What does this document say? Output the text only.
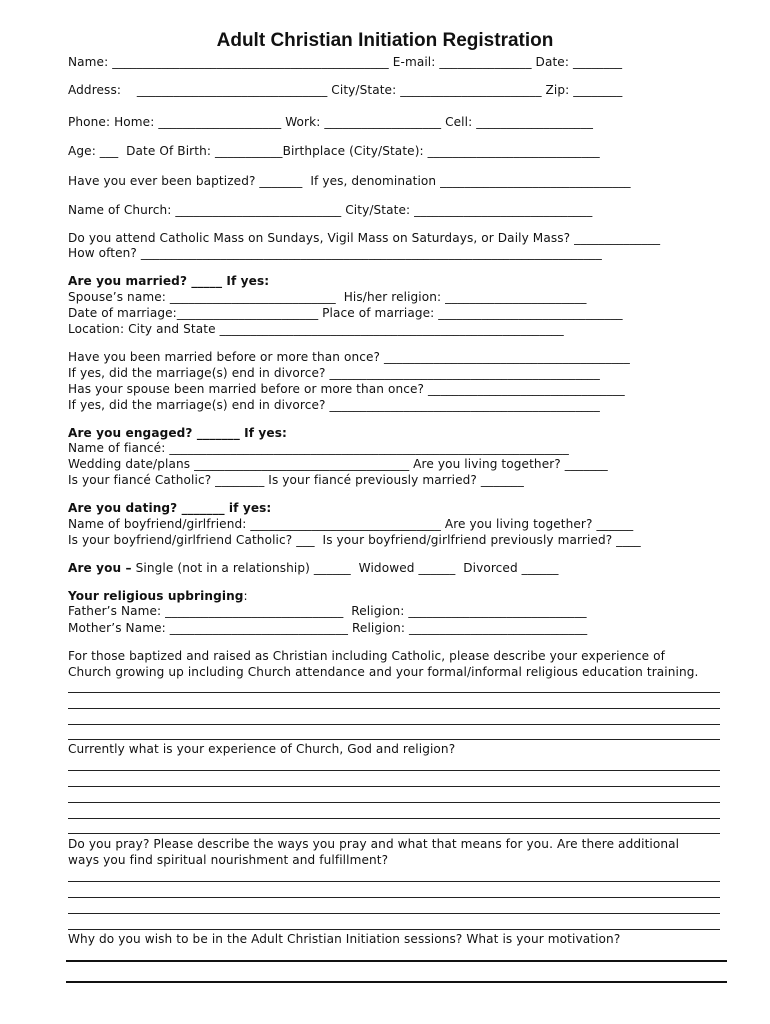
Adult Christian Initiation Registration
Name: _____________________________________________ E-mail: _______________ Date: ________
Address:    _______________________________ City/State: _______________________ Zip: ________
Phone: Home: ____________________ Work: ___________________ Cell: ___________________
Age: ___  Date Of Birth: ___________Birthplace (City/State): ____________________________
Have you ever been baptized? _______  If yes, denomination _______________________________
Name of Church: ___________________________ City/State: _____________________________
Do you attend Catholic Mass on Sundays, Vigil Mass on Saturdays, or Daily Mass? ______________
How often? ___________________________________________________________________________
Are you married? _____ If yes:
Spouse’s name: ___________________________  His/her religion: _______________________
Date of marriage:_______________________ Place of marriage: ______________________________
Location: City and State ________________________________________________________
Have you been married before or more than once? ________________________________________
If yes, did the marriage(s) end in divorce? ____________________________________________
Has your spouse been married before or more than once? ________________________________
If yes, did the marriage(s) end in divorce? ____________________________________________
Are you engaged? _______ If yes:
Name of fiancé: _________________________________________________________________
Wedding date/plans ___________________________________ Are you living together? _______
Is your fiancé Catholic? ________ Is your fiancé previously married? _______
Are you dating? _______ if yes:
Name of boyfriend/girlfriend: _______________________________ Are you living together? ______
Is your boyfriend/girlfriend Catholic? ___  Is your boyfriend/girlfriend previously married? ____
Are you – Single (not in a relationship) ______  Widowed ______  Divorced ______
Your religious upbringing:
Father’s Name: _____________________________  Religion: _____________________________
Mother’s Name: _____________________________ Religion: _____________________________
For those baptized and raised as Christian including Catholic, please describe your experience of
Church growing up including Church attendance and your formal/informal religious education training.
Currently what is your experience of Church, God and religion?
Do you pray? Please describe the ways you pray and what that means for you. Are there additional
ways you find spiritual nourishment and fulfillment?
Why do you wish to be in the Adult Christian Initiation sessions? What is your motivation?
